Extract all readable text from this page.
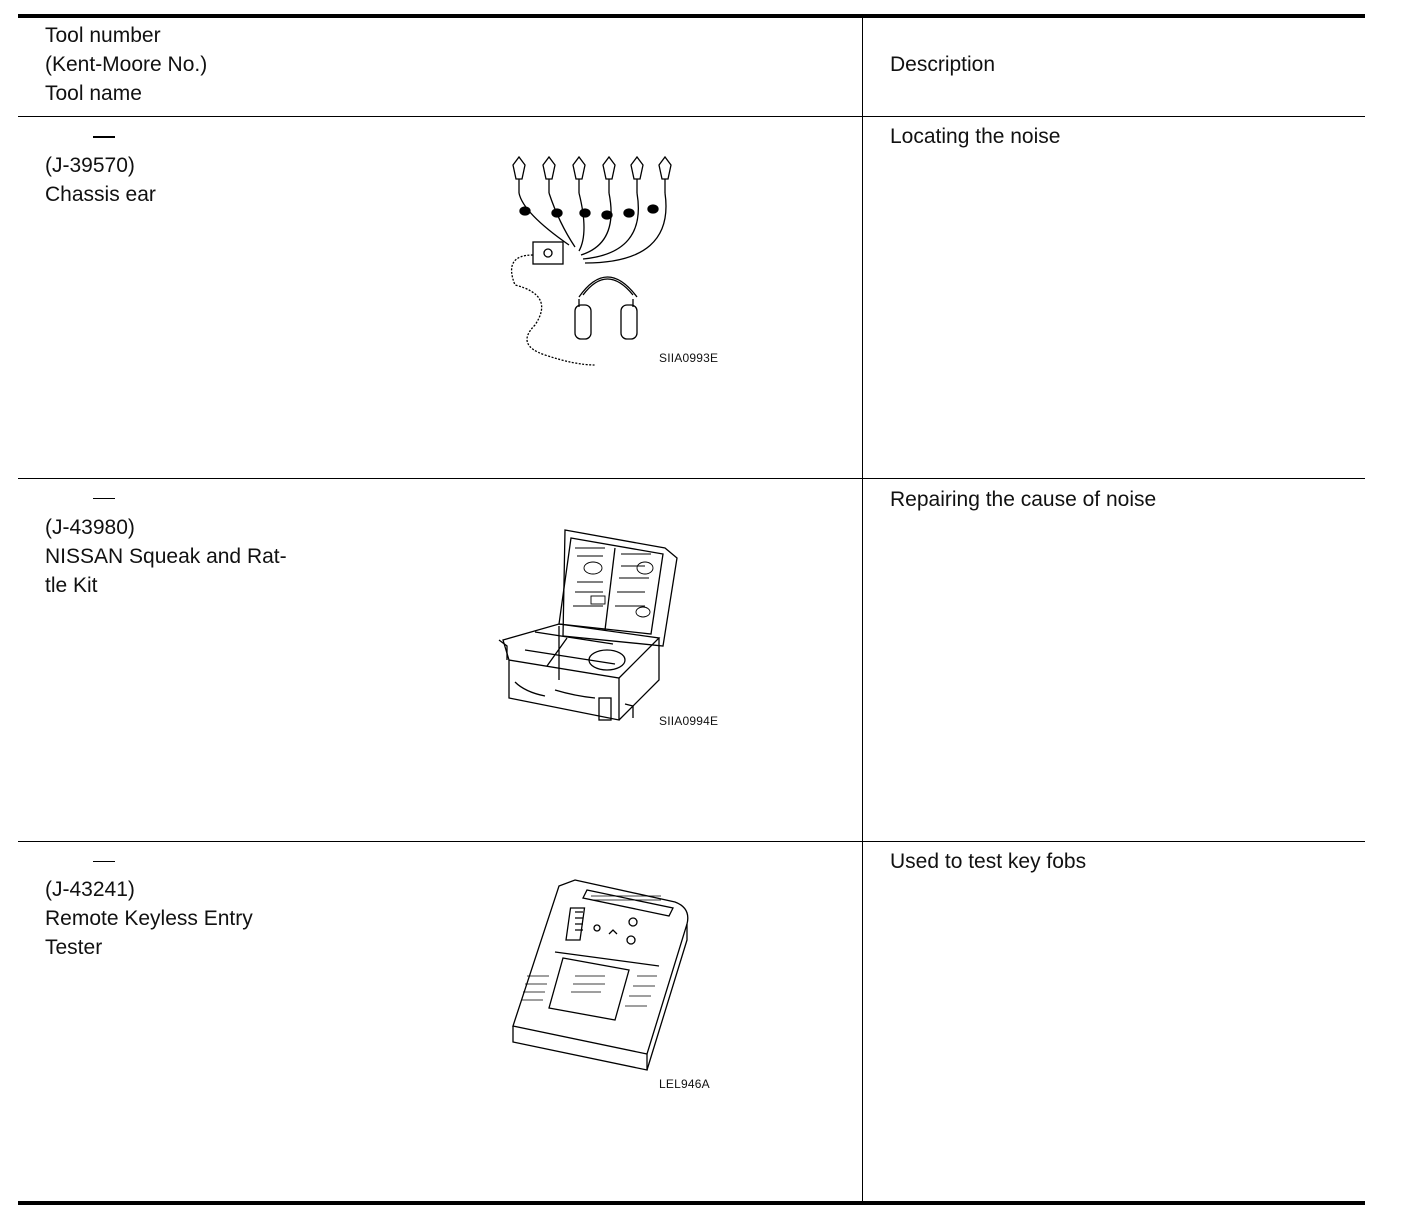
Tool number
(Kent-Moore No.)
Tool name
Description
(J-39570)
Chassis ear
Locating the noise
SIIA0993E
(J-43980)
NISSAN Squeak and Rat-
tle Kit
Repairing the cause of noise
SIIA0994E
(J-43241)
Remote Keyless Entry
Tester
Used to test key fobs
LEL946A
